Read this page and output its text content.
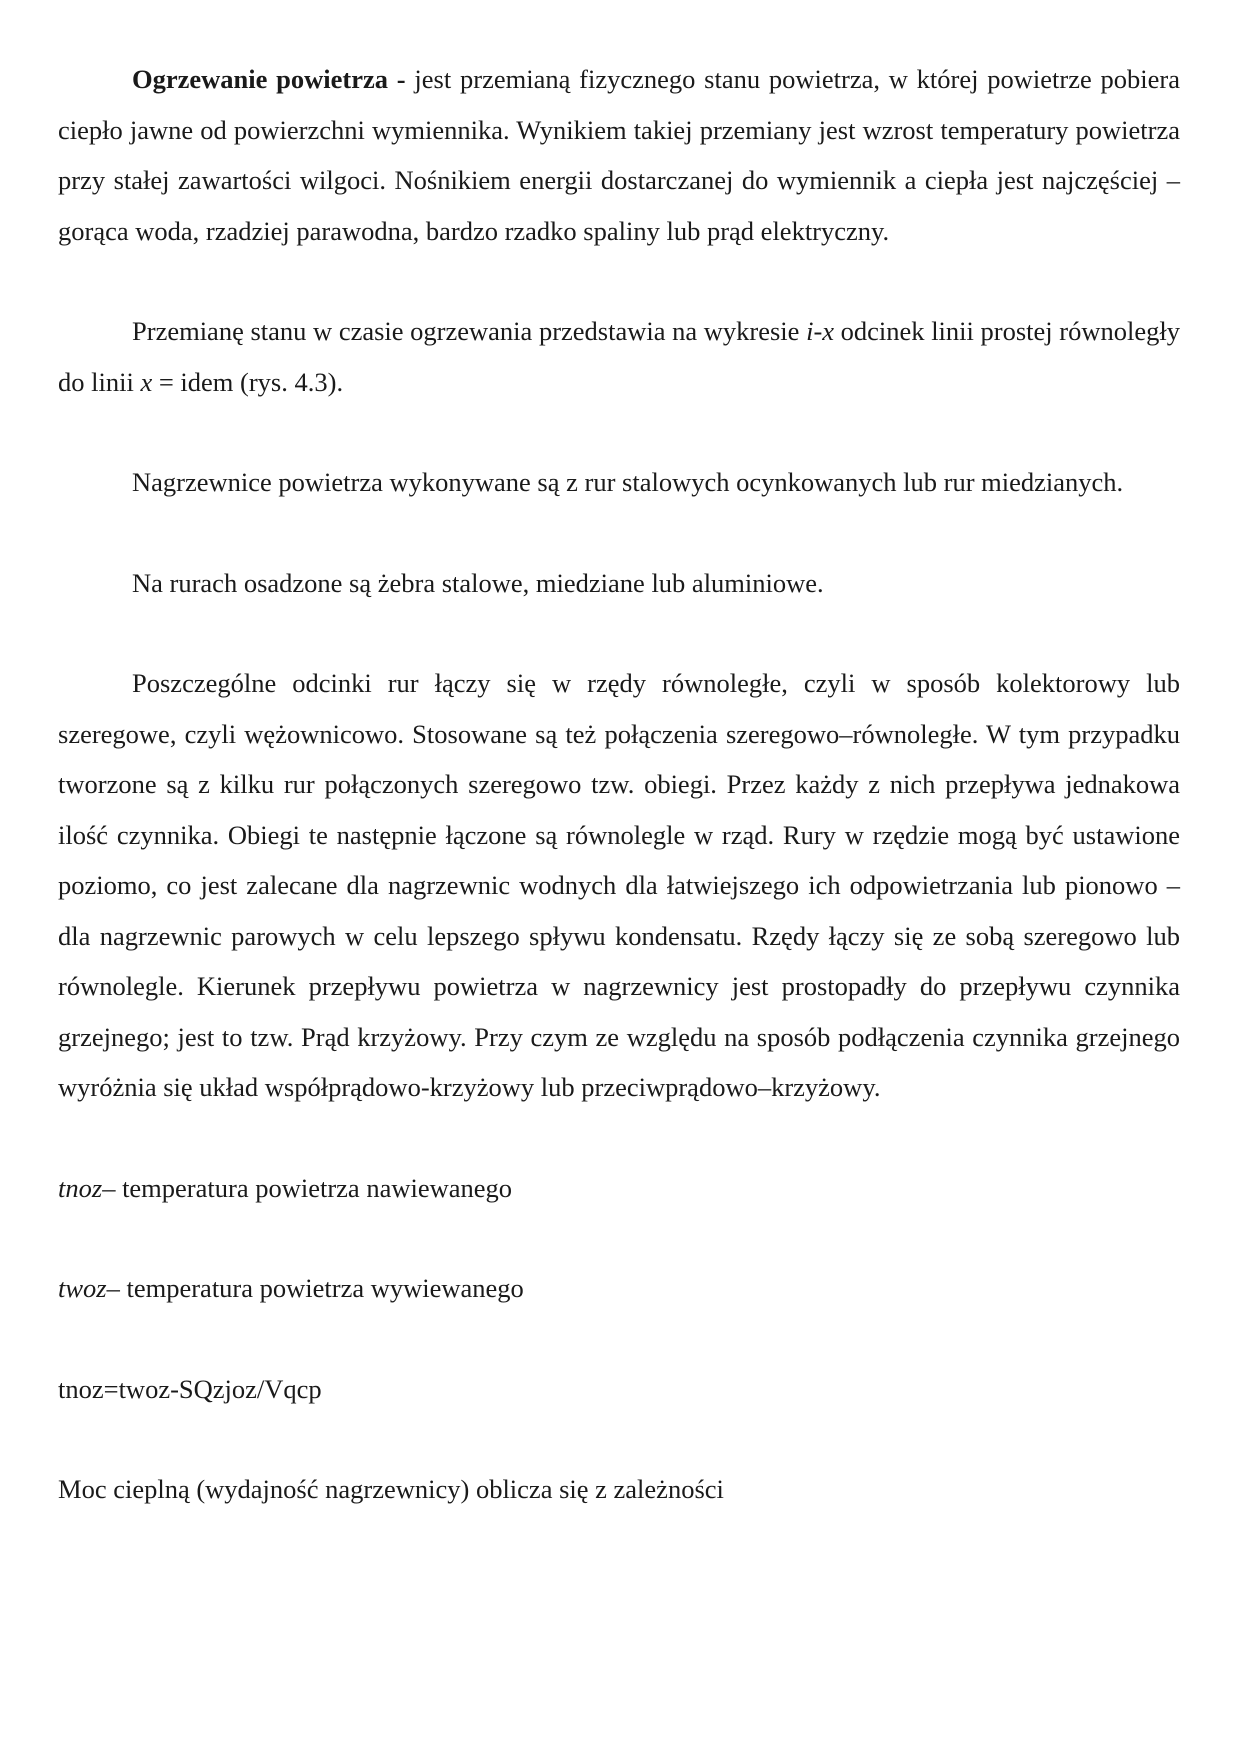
Ogrzewanie powietrza - jest przemianą fizycznego stanu powietrza, w której powietrze pobiera ciepło jawne od powierzchni wymiennika. Wynikiem takiej przemiany jest wzrost temperatury powietrza przy stałej zawartości wilgoci. Nośnikiem energii dostarczanej do wymiennik a ciepła jest najczęściej – gorąca woda, rzadziej parawodna, bardzo rzadko spaliny lub prąd elektryczny.

Przemianę stanu w czasie ogrzewania przedstawia na wykresie i-x odcinek linii prostej równoległy do linii x = idem (rys. 4.3).

Nagrzewnice powietrza wykonywane są z rur stalowych ocynkowanych lub rur miedzianych.

Na rurach osadzone są żebra stalowe, miedziane lub aluminiowe.

Poszczególne odcinki rur łączy się w rzędy równoległe, czyli w sposób kolektorowy lub szeregowe, czyli wężownicowo. Stosowane są też połączenia szeregowo–równoległe. W tym przypadku tworzone są z kilku rur połączonych szeregowo tzw. obiegi. Przez każdy z nich przepływa jednakowa ilość czynnika. Obiegi te następnie łączone są równolegle w rząd. Rury w rzędzie mogą być ustawione poziomo, co jest zalecane dla nagrzewnic wodnych dla łatwiejszego ich odpowietrzania lub pionowo – dla nagrzewnic parowych w celu lepszego spływu kondensatu. Rzędy łączy się ze sobą szeregowo lub równolegle. Kierunek przepływu powietrza w nagrzewnicy jest prostopadły do przepływu czynnika grzejnego; jest to tzw. Prąd krzyżowy. Przy czym ze względu na sposób podłączenia czynnika grzejnego wyróżnia się układ współprądowo-krzyżowy lub przeciwprądowo–krzyżowy.

tnoz– temperatura powietrza nawiewanego

twoz– temperatura powietrza wywiewanego

tnoz=twoz-SQzjoz/Vqcp

Moc cieplną (wydajność nagrzewnicy) oblicza się z zależności
